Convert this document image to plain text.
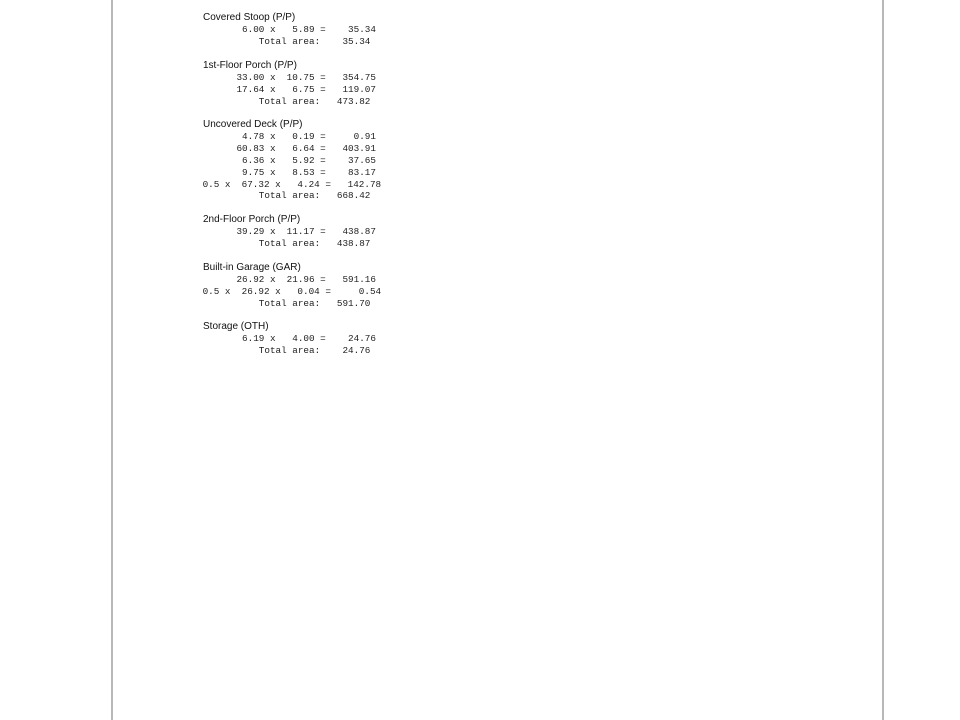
Covered Stoop (P/P)
6.00 x   5.89 =    35.34
Total area:    35.34
1st-Floor Porch (P/P)
33.00 x  10.75 =   354.75
17.64 x   6.75 =   119.07
Total area:   473.82
Uncovered Deck (P/P)
4.78 x   0.19 =     0.91
60.83 x   6.64 =   403.91
6.36 x   5.92 =    37.65
9.75 x   8.53 =    83.17
0.5 x  67.32 x   4.24 =   142.78
Total area:   668.42
2nd-Floor Porch (P/P)
39.29 x  11.17 =   438.87
Total area:   438.87
Built-in Garage (GAR)
26.92 x  21.96 =   591.16
0.5 x  26.92 x   0.04 =     0.54
Total area:   591.70
Storage (OTH)
6.19 x   4.00 =    24.76
Total area:    24.76
